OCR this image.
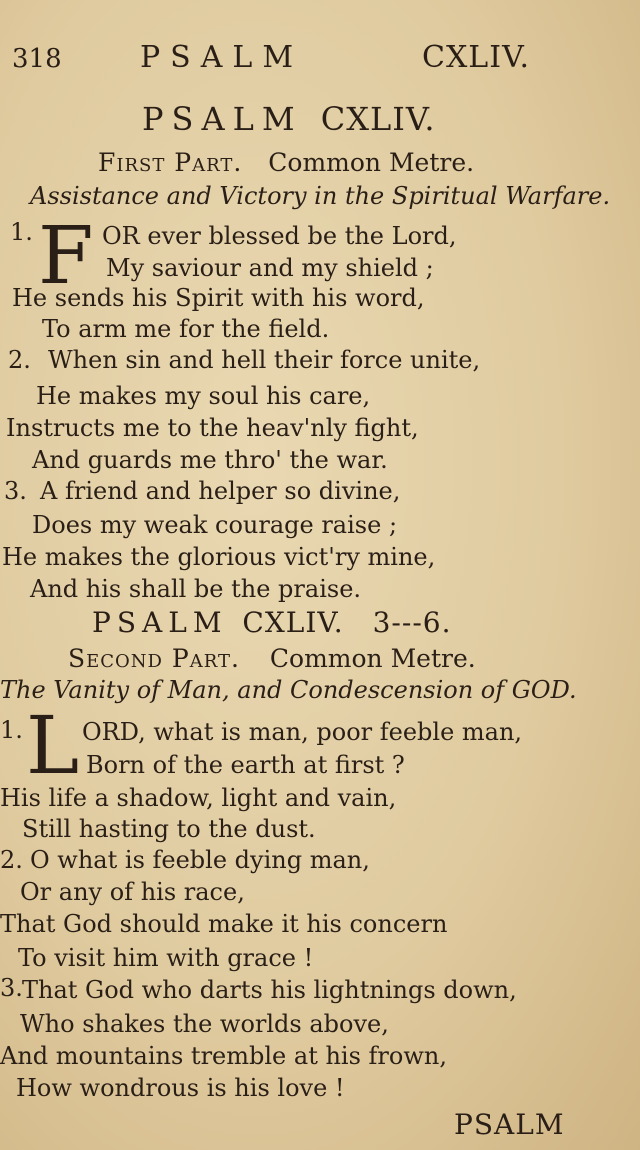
318	PSALM	CXLIV.
PSALM CXLIV.
First Part. Common Metre.
Assistance and Victory in the Spiritual Warfare.
F
1.	OR ever blessed be the Lord,
My saviour and my shield ;
He sends his Spirit with his word,
To arm me for the field.
2. When sin and hell their force unite,
He makes my soul his care,
Instructs me to the heav'nly fight,
And guards me thro' the war.
3. A friend and helper so divine,
Does my weak courage raise ;
He makes the glorious vict'ry mine,
And his shall be the praise.
PSALM CXLIV. 3---6.
Second Part. Common Metre.
The Vanity of Man, and Condescension of GOD.
L
1. ORD, what is man, poor feeble man,
Born of the earth at first ?
His life a shadow, light and vain,
Still hasting to the dust.
2. O what is feeble dying man,
Or any of his race,
That God should make it his concern
To visit him with grace !
3. That God who darts his lightnings down,
Who shakes the worlds above,
And mountains tremble at his frown,
How wondrous is his love !
PSALM
